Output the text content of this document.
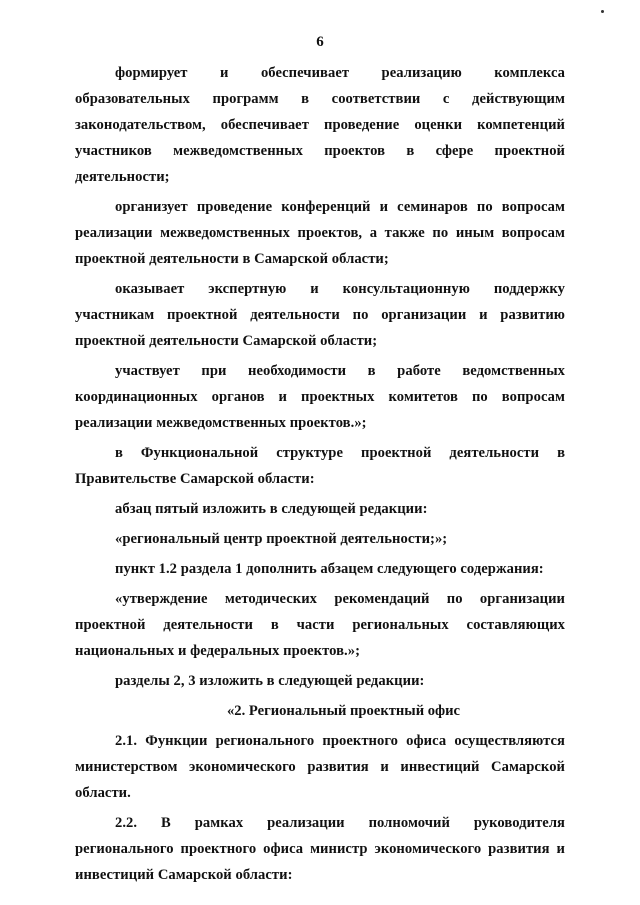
6

формирует и обеспечивает реализацию комплекса образовательных программ в соответствии с действующим законодательством, обеспечивает проведение оценки компетенций участников межведомственных проектов в сфере проектной деятельности;

организует проведение конференций и семинаров по вопросам реализации межведомственных проектов, а также по иным вопросам проектной деятельности в Самарской области;

оказывает экспертную и консультационную поддержку участникам проектной деятельности по организации и развитию проектной деятельности Самарской области;

участвует при необходимости в работе ведомственных координационных органов и проектных комитетов по вопросам реализации межведомственных проектов.»;

в Функциональной структуре проектной деятельности в Правительстве Самарской области:

абзац пятый изложить в следующей редакции:

«региональный центр проектной деятельности;»;

пункт 1.2 раздела 1 дополнить абзацем следующего содержания:

«утверждение методических рекомендаций по организации проектной деятельности в части региональных составляющих национальных и федеральных проектов.»;

разделы 2, 3 изложить в следующей редакции:

«2. Региональный проектный офис

2.1. Функции регионального проектного офиса осуществляются министерством экономического развития и инвестиций Самарской области.

2.2. В рамках реализации полномочий руководителя регионального проектного офиса министр экономического развития и инвестиций Самарской области:
